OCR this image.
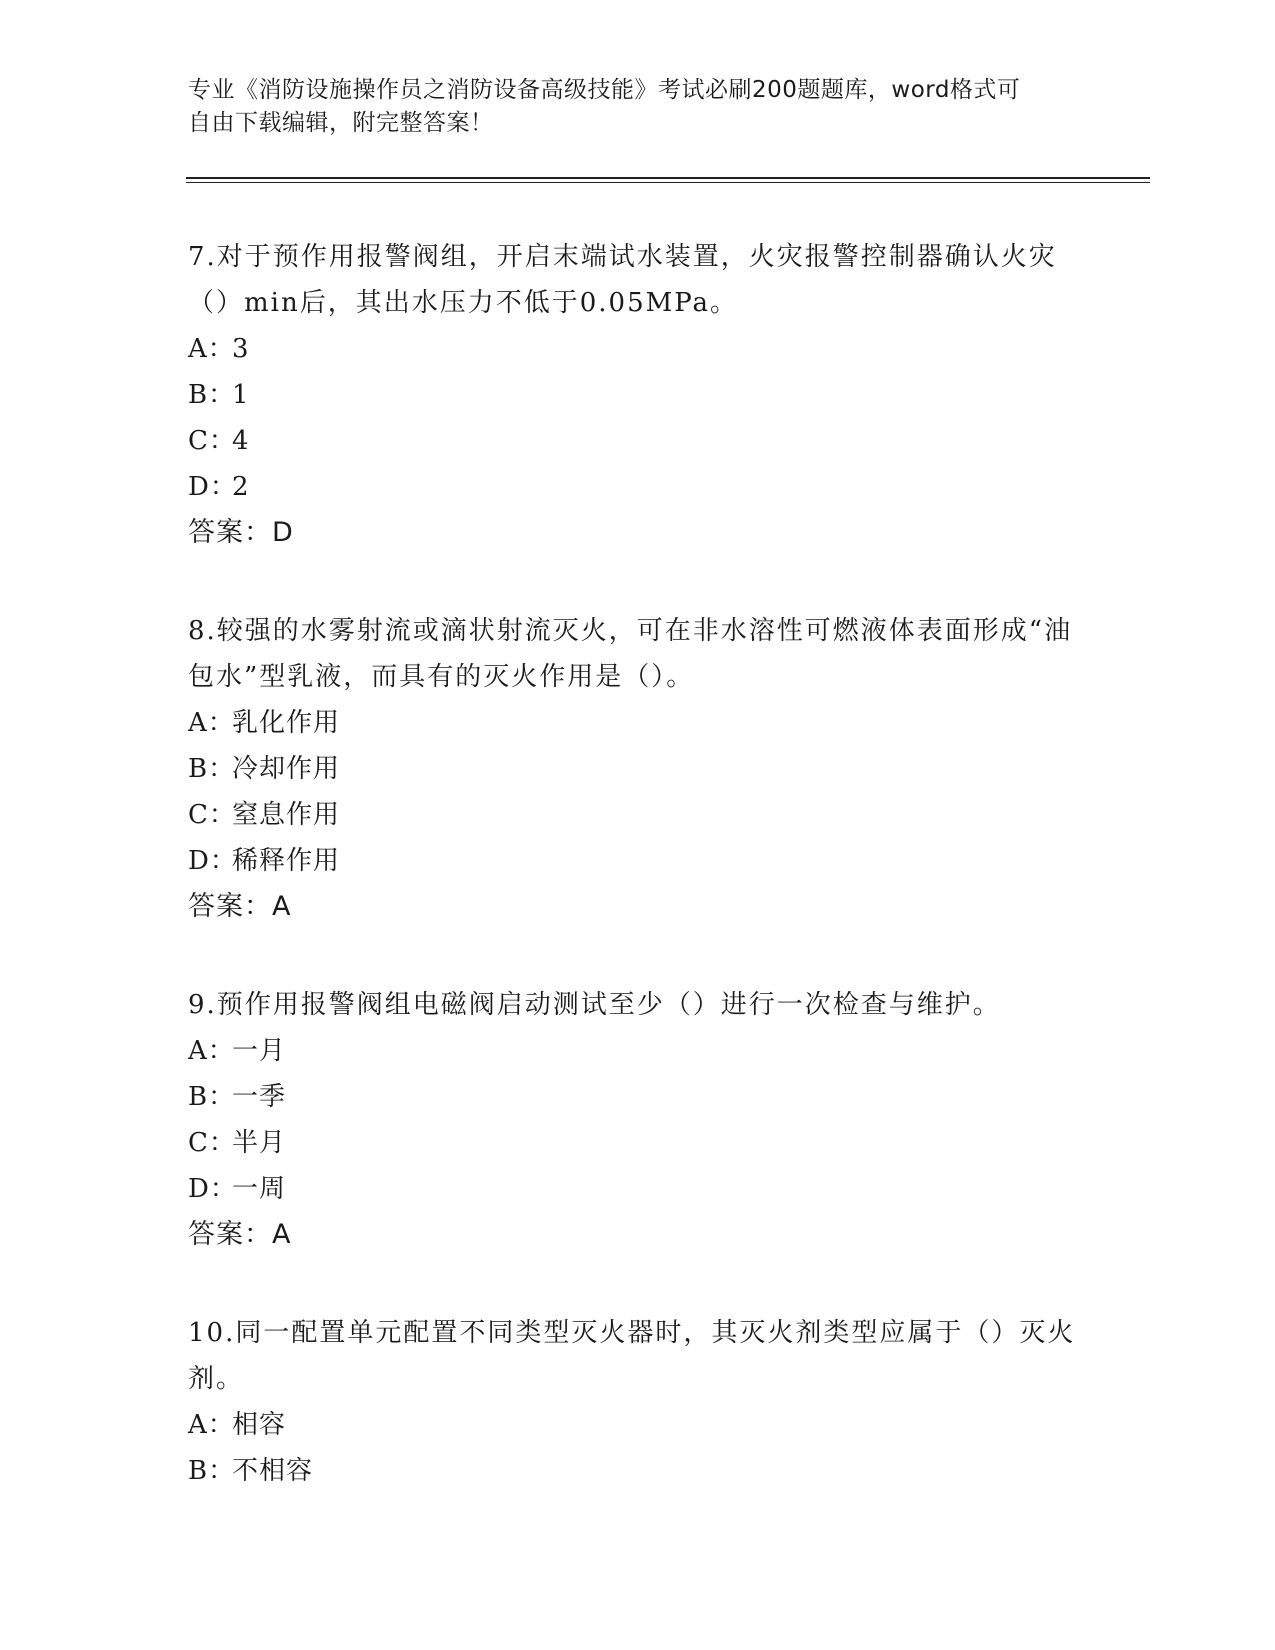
专业《消防设施操作员之消防设备高级技能》考试必刷200题题库，word格式可
自由下载编辑，附完整答案！

7.对于预作用报警阀组，开启末端试水装置，火灾报警控制器确认火灾（）min后，其出水压力不低于0.05MPa。

A：3
B：1
C：4
D：2
答案：D

8.较强的水雾射流或滴状射流灭火，可在非水溶性可燃液体表面形成“油包水”型乳液，而具有的灭火作用是（）。

A：乳化作用
B：冷却作用
C：窒息作用
D：稀释作用
答案：A

9.预作用报警阀组电磁阀启动测试至少（）进行一次检查与维护。

A：一月
B：一季
C：半月
D：一周
答案：A

10.同一配置单元配置不同类型灭火器时，其灭火剂类型应属于（）灭火剂。

A：相容
B：不相容
